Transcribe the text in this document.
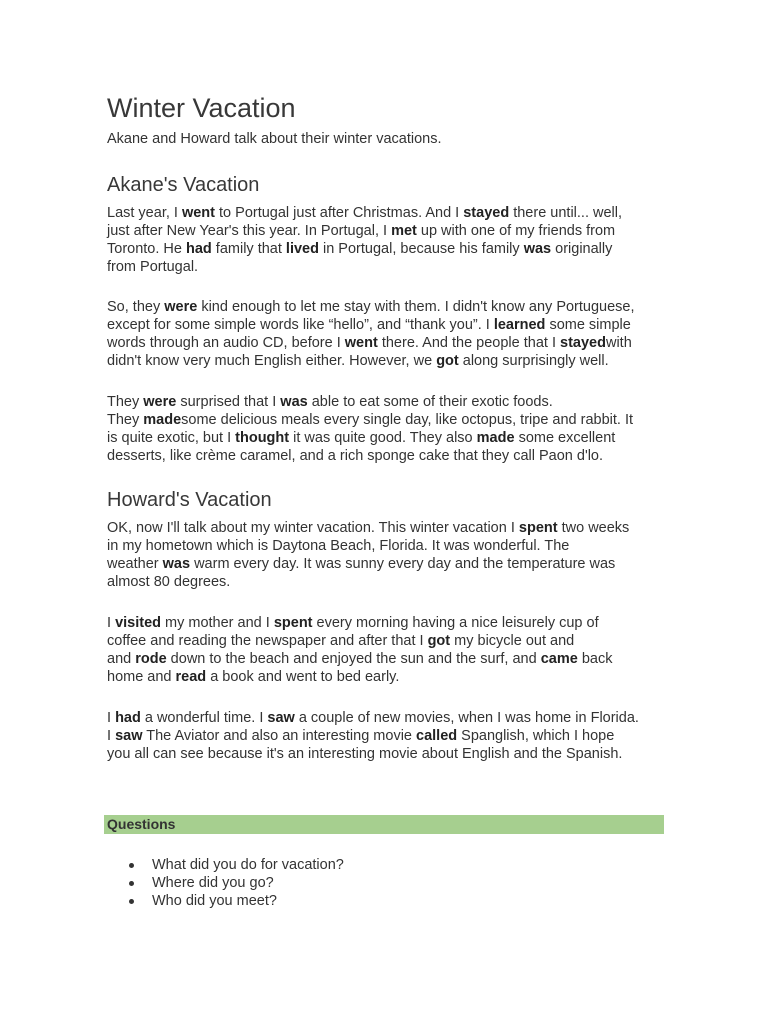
Winter Vacation

Akane and Howard talk about their winter vacations.

Akane's Vacation

Last year, I went to Portugal just after Christmas. And I stayed there until... well,
just after New Year's this year. In Portugal, I met up with one of my friends from
Toronto. He had family that lived in Portugal, because his family was originally
from Portugal.

So, they were kind enough to let me stay with them. I didn't know any Portuguese,
except for some simple words like “hello”, and “thank you”. I learned some simple
words through an audio CD, before I went there. And the people that I stayedwith
didn't know very much English either. However, we got along surprisingly well.

They were surprised that I was able to eat some of their exotic foods.
They madesome delicious meals every single day, like octopus, tripe and rabbit. It
is quite exotic, but I thought it was quite good. They also made some excellent
desserts, like crème caramel, and a rich sponge cake that they call Paon d'lo.

Howard's Vacation

OK, now I'll talk about my winter vacation. This winter vacation I spent two weeks
in my hometown which is Daytona Beach, Florida. It was wonderful. The
weather was warm every day. It was sunny every day and the temperature was
almost 80 degrees.

I visited my mother and I spent every morning having a nice leisurely cup of
coffee and reading the newspaper and after that I got my bicycle out and
and rode down to the beach and enjoyed the sun and the surf, and came back
home and read a book and went to bed early.

I had a wonderful time. I saw a couple of new movies, when I was home in Florida.
I saw The Aviator and also an interesting movie called Spanglish, which I hope
you all can see because it's an interesting movie about English and the Spanish.

Questions
What did you do for vacation?
Where did you go?
Who did you meet?
